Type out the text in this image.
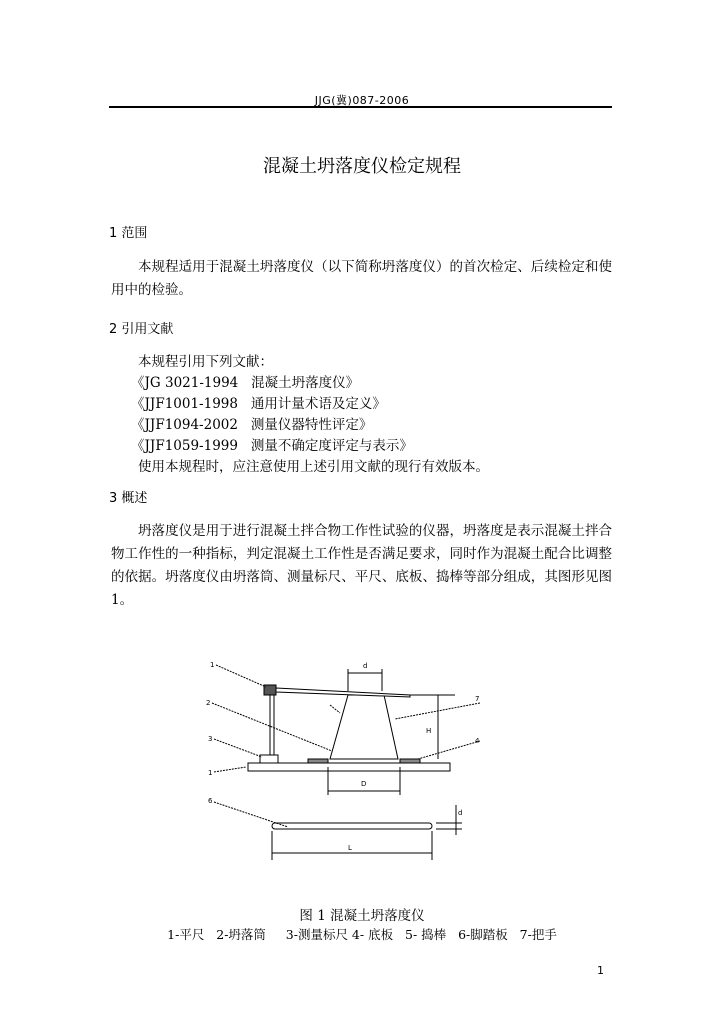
JJG(冀)087-2006
混凝土坍落度仪检定规程
1 范围

本规程适用于混凝土坍落度仪（以下简称坍落度仪）的首次检定、后续检定和使用中的检验。

2 引用文献
本规程引用下列文献：
《JG 3021-1994   混凝土坍落度仪》
《JJF1001-1998   通用计量术语及定义》
《JJF1094-2002   测量仪器特性评定》
《JJF1059-1999   测量不确定度评定与表示》
使用本规程时，应注意使用上述引用文献的现行有效版本。
3 概述

坍落度仪是用于进行混凝土拌合物工作性试验的仪器，坍落度是表示混凝土拌合物工作性的一种指标，判定混凝土工作性是否满足要求，同时作为混凝土配合比调整的依据。坍落度仪由坍落筒、测量标尺、平尺、底板、捣棒等部分组成，其图形见图 1。

1
2
3
1
6
7
4
d
D
H
L
d
图 1 混凝土坍落度仪
1-平尺   2-坍落筒     3-测量标尺 4- 底板   5- 捣棒   6-脚踏板   7-把手
1
